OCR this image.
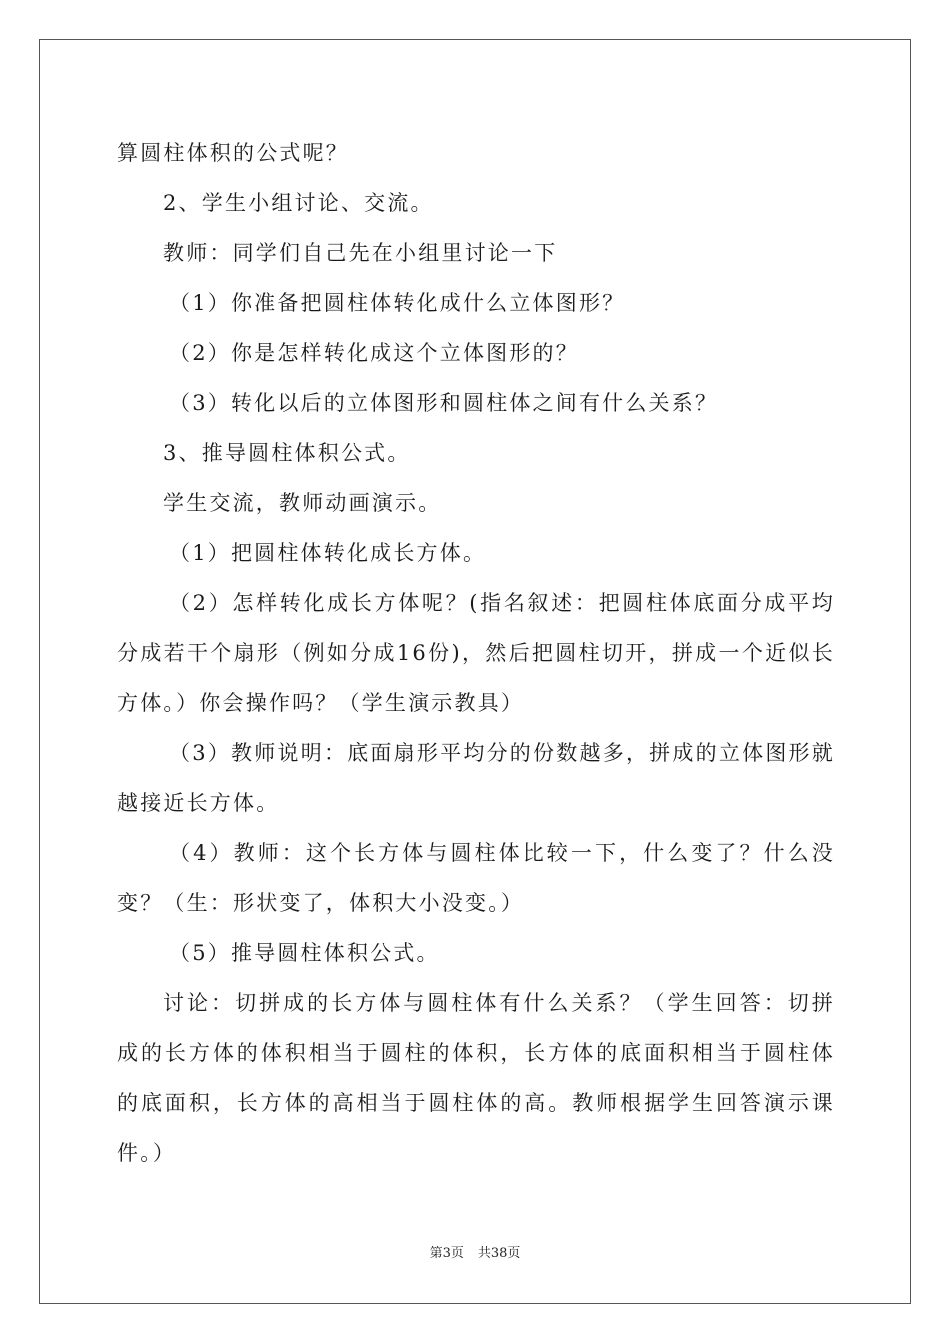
算圆柱体积的公式呢？

2、学生小组讨论、交流。

教师：同学们自己先在小组里讨论一下

（1）你准备把圆柱体转化成什么立体图形？

（2）你是怎样转化成这个立体图形的？

（3）转化以后的立体图形和圆柱体之间有什么关系？

3、推导圆柱体积公式。

学生交流，教师动画演示。

（1）把圆柱体转化成长方体。

（2）怎样转化成长方体呢？(指名叙述：把圆柱体底面分成平均分成若干个扇形（例如分成16份)，然后把圆柱切开，拼成一个近似长方体。）你会操作吗？（学生演示教具）

（3）教师说明：底面扇形平均分的份数越多，拼成的立体图形就越接近长方体。

（4）教师：这个长方体与圆柱体比较一下，什么变了？什么没变？（生：形状变了，体积大小没变。）

（5）推导圆柱体积公式。

讨论：切拼成的长方体与圆柱体有什么关系？（学生回答：切拼成的长方体的体积相当于圆柱的体积，长方体的底面积相当于圆柱体的底面积，长方体的高相当于圆柱体的高。教师根据学生回答演示课件。）

第3页 共38页
